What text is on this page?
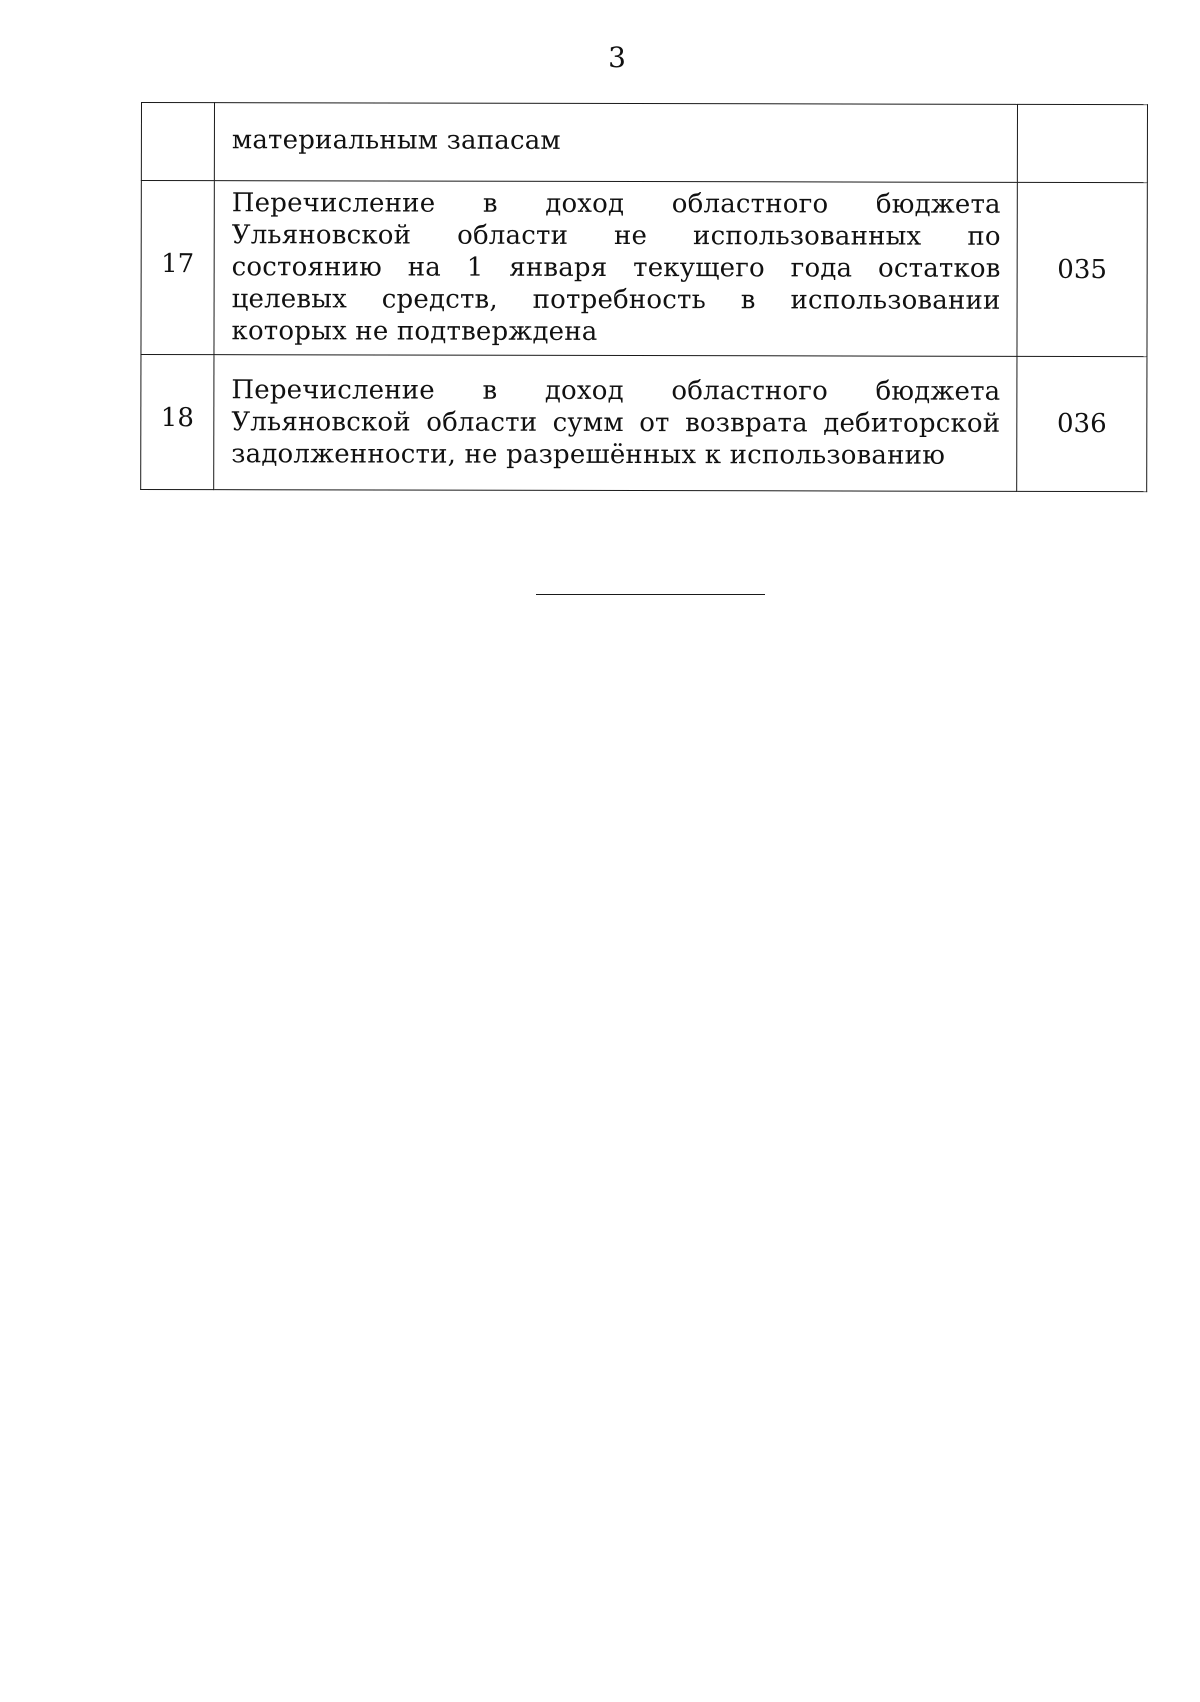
3
	материальным запасам	
17	Перечисление в доход областного бюджета Ульяновской области не использованных по состоянию на 1 января текущего года остатков целевых средств, потребность в использовании которых не подтверждена	035
18	Перечисление в доход областного бюджета Ульяновской области сумм от возврата дебиторской задолженности, не разрешённых к использованию	036
